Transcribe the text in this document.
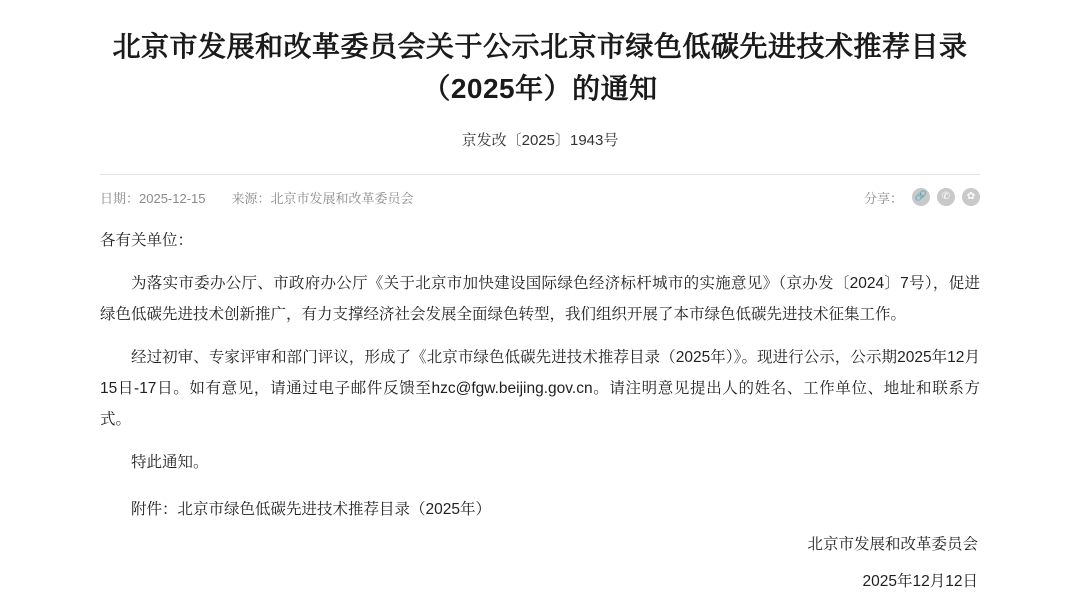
北京市发展和改革委员会关于公示北京市绿色低碳先进技术推荐目录 （2025年）的通知

京发改〔2025〕1943号

日期：2025-12-15 来源：北京市发展和改革委员会	分享： 🔗	✆	✿

各有关单位：

为落实市委办公厅、市政府办公厅《关于北京市加快建设国际绿色经济标杆城市的实施意见》（京办发〔2024〕7号），促进绿色低碳先进技术创新推广，有力支撑经济社会发展全面绿色转型，我们组织开展了本市绿色低碳先进技术征集工作。

经过初审、专家评审和部门评议，形成了《北京市绿色低碳先进技术推荐目录（2025年）》。现进行公示，公示期2025年12月15日-17日。如有意见，请通过电子邮件反馈至hzc@fgw.beijing.gov.cn。请注明意见提出人的姓名、工作单位、地址和联系方式。

特此通知。

附件：北京市绿色低碳先进技术推荐目录（2025年）

北京市发展和改革委员会
2025年12月12日
